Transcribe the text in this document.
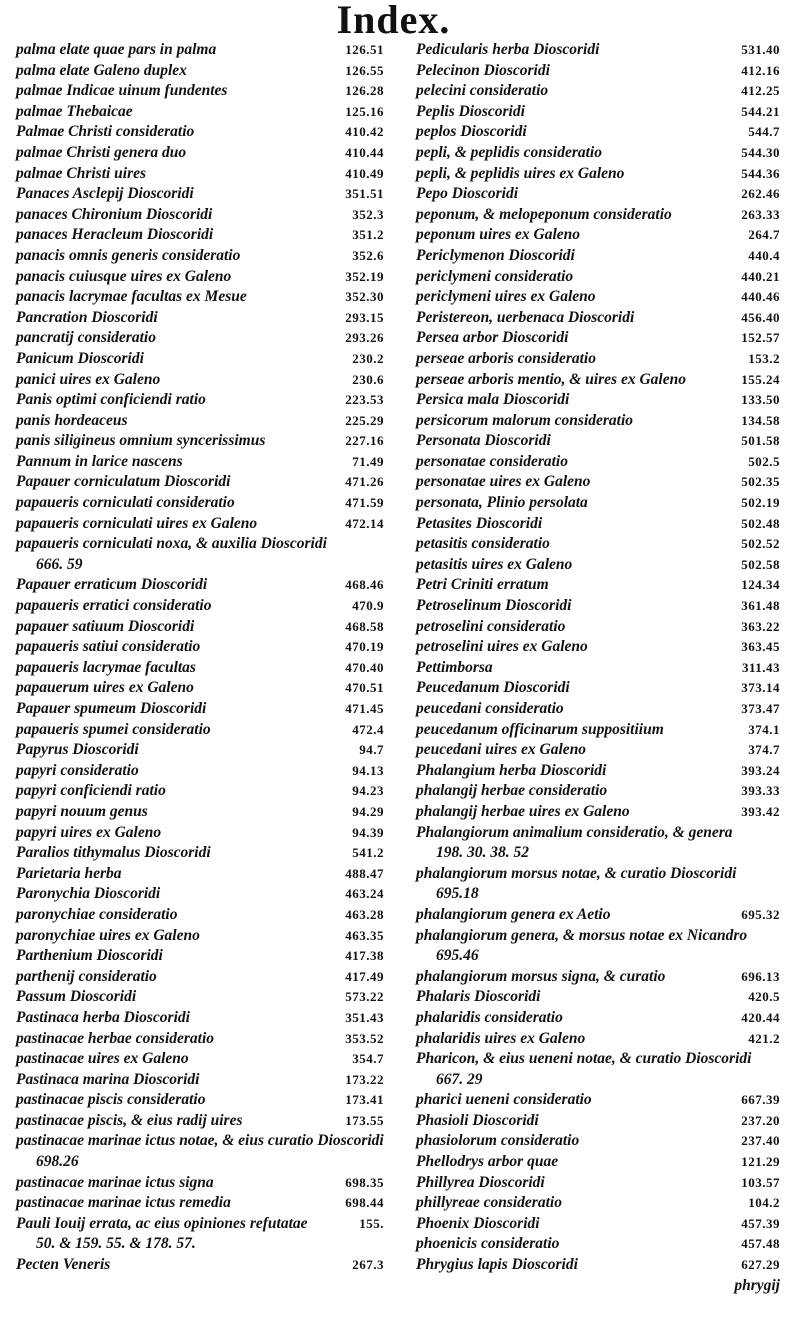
Index.
palma elate quae pars in palma	126.51
palma elate Galeno duplex	126.55
palmae Indicae uinum fundentes	126.28
palmae Thebaicae	125.16
Palmae Christi consideratio	410.42
palmae Christi genera duo	410.44
palmae Christi uires	410.49
Panaces Asclepij Dioscoridi	351.51
panaces Chironium Dioscoridi	352.3
panaces Heracleum Dioscoridi	351.2
panacis omnis generis consideratio	352.6
panacis cuiusque uires ex Galeno	352.19
panacis lacrymae facultas ex Mesue	352.30
Pancration Dioscoridi	293.15
pancratij consideratio	293.26
Panicum Dioscoridi	230.2
panici uires ex Galeno	230.6
Panis optimi conficiendi ratio	223.53
panis hordeaceus	225.29
panis siligineus omnium syncerissimus	227.16
Pannum in larice nascens	71.49
Papauer corniculatum Dioscoridi	471.26
papaueris corniculati consideratio	471.59
papaueris corniculati uires ex Galeno	472.14
papaueris corniculati noxa, & auxilia Dioscoridi
666. 59
Papauer erraticum Dioscoridi	468.46
papaueris erratici consideratio	470.9
papauer satiuum Dioscoridi	468.58
papaueris satiui consideratio	470.19
papaueris lacrymae facultas	470.40
papauerum uires ex Galeno	470.51
Papauer spumeum Dioscoridi	471.45
papaueris spumei consideratio	472.4
Papyrus Dioscoridi	94.7
papyri consideratio	94.13
papyri conficiendi ratio	94.23
papyri nouum genus	94.29
papyri uires ex Galeno	94.39
Paralios tithymalus Dioscoridi	541.2
Parietaria herba	488.47
Paronychia Dioscoridi	463.24
paronychiae consideratio	463.28
paronychiae uires ex Galeno	463.35
Parthenium Dioscoridi	417.38
parthenij consideratio	417.49
Passum Dioscoridi	573.22
Pastinaca herba Dioscoridi	351.43
pastinacae herbae consideratio	353.52
pastinacae uires ex Galeno	354.7
Pastinaca marina Dioscoridi	173.22
pastinacae piscis consideratio	173.41
pastinacae piscis, & eius radij uires	173.55
pastinacae marinae ictus notae, & eius curatio Dioscoridi
698.26
pastinacae marinae ictus signa	698.35
pastinacae marinae ictus remedia	698.44
Pauli Iouij errata, ac eius opiniones refutatae	155.
50. & 159. 55. & 178. 57.
Pecten Veneris	267.3
Pedicularis herba Dioscoridi	531.40
Pelecinon Dioscoridi	412.16
pelecini consideratio	412.25
Peplis Dioscoridi	544.21
peplos Dioscoridi	544.7
pepli, & peplidis consideratio	544.30
pepli, & peplidis uires ex Galeno	544.36
Pepo Dioscoridi	262.46
peponum, & melopeponum consideratio	263.33
peponum uires ex Galeno	264.7
Periclymenon Dioscoridi	440.4
periclymeni consideratio	440.21
periclymeni uires ex Galeno	440.46
Peristereon, uerbenaca Dioscoridi	456.40
Persea arbor Dioscoridi	152.57
perseae arboris consideratio	153.2
perseae arboris mentio, & uires ex Galeno	155.24
Persica mala Dioscoridi	133.50
persicorum malorum consideratio	134.58
Personata Dioscoridi	501.58
personatae consideratio	502.5
personatae uires ex Galeno	502.35
personata, Plinio persolata	502.19
Petasites Dioscoridi	502.48
petasitis consideratio	502.52
petasitis uires ex Galeno	502.58
Petri Criniti erratum	124.34
Petroselinum Dioscoridi	361.48
petroselini consideratio	363.22
petroselini uires ex Galeno	363.45
Pettimborsa	311.43
Peucedanum Dioscoridi	373.14
peucedani consideratio	373.47
peucedanum officinarum suppositiium	374.1
peucedani uires ex Galeno	374.7
Phalangium herba Dioscoridi	393.24
phalangij herbae consideratio	393.33
phalangij herbae uires ex Galeno	393.42
Phalangiorum animalium consideratio, & genera
198. 30. 38. 52
phalangiorum morsus notae, & curatio Dioscoridi
695.18
phalangiorum genera ex Aetio	695.32
phalangiorum genera, & morsus notae ex Nicandro
695.46
phalangiorum morsus signa, & curatio	696.13
Phalaris Dioscoridi	420.5
phalaridis consideratio	420.44
phalaridis uires ex Galeno	421.2
Pharicon, & eius ueneni notae, & curatio Dioscoridi
667. 29
pharici ueneni consideratio	667.39
Phasioli Dioscoridi	237.20
phasiolorum consideratio	237.40
Phellodrys arbor quae	121.29
Phillyrea Dioscoridi	103.57
phillyreae consideratio	104.2
Phoenix Dioscoridi	457.39
phoenicis consideratio	457.48
Phrygius lapis Dioscoridi	627.29
phrygij
